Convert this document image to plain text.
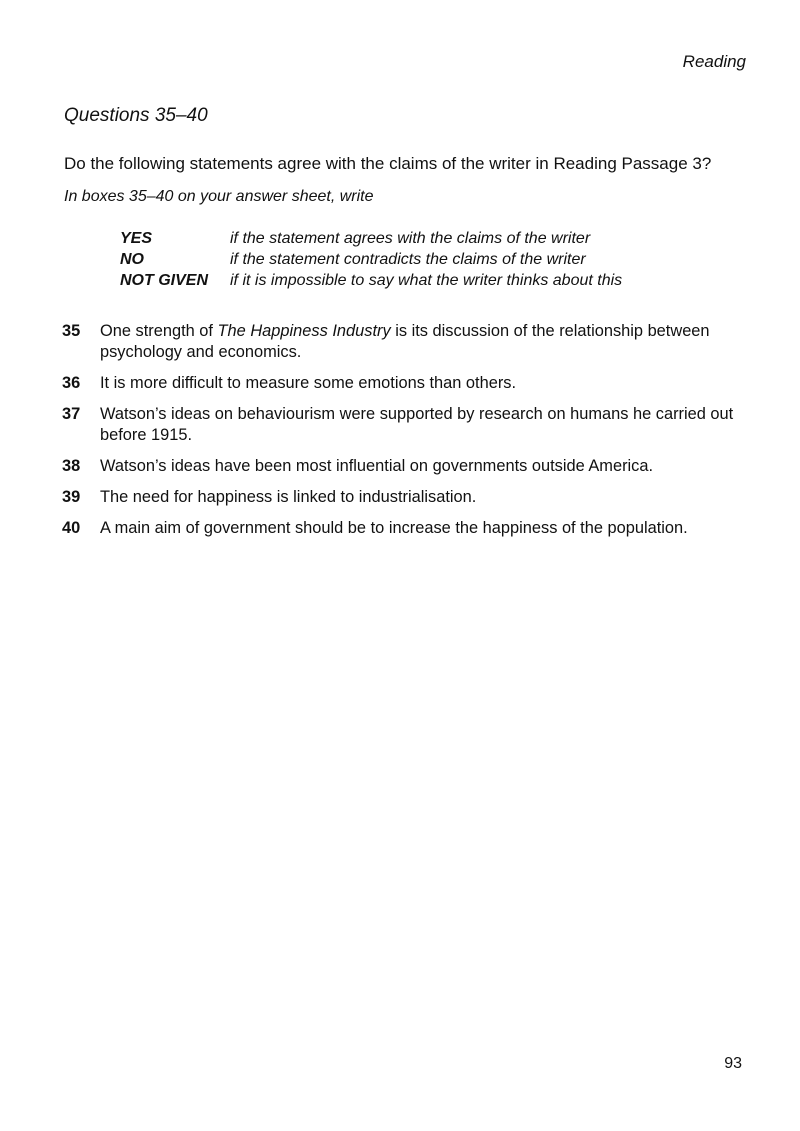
Reading
Questions 35–40
Do the following statements agree with the claims of the writer in Reading Passage 3?
In boxes 35–40 on your answer sheet, write
YES	if the statement agrees with the claims of the writer
NO	if the statement contradicts the claims of the writer
NOT GIVEN if it is impossible to say what the writer thinks about this
35	One strength of The Happiness Industry is its discussion of the relationship between psychology and economics.
36	It is more difficult to measure some emotions than others.
37	Watson’s ideas on behaviourism were supported by research on humans he carried out before 1915.
38	Watson’s ideas have been most influential on governments outside America.
39	The need for happiness is linked to industrialisation.
40	A main aim of government should be to increase the happiness of the population.
93
